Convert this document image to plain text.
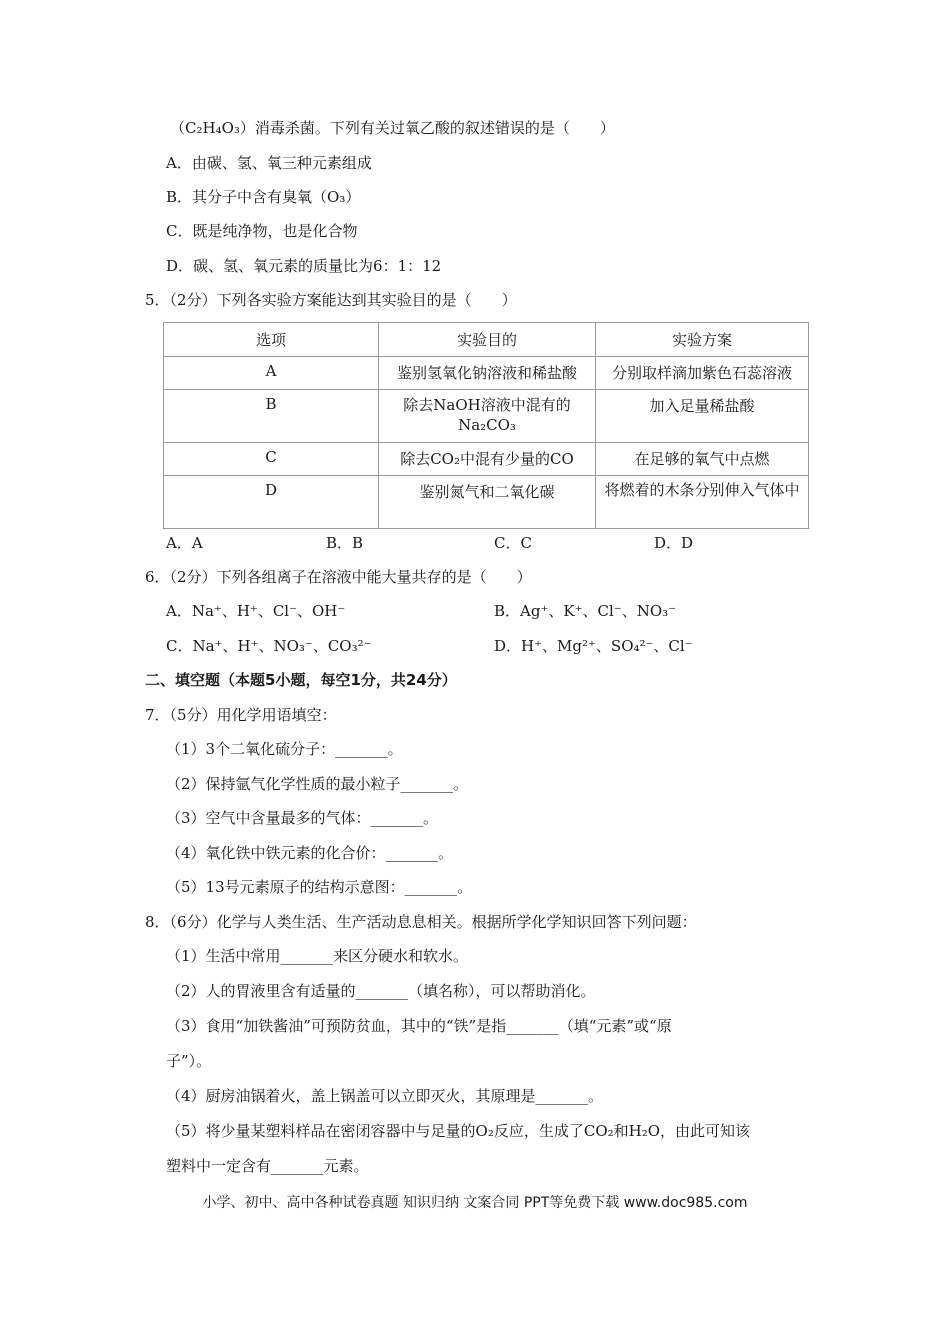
（C₂H₄O₃）消毒杀菌。下列有关过氧乙酸的叙述错误的是（　　）
A．由碳、氢、氧三种元素组成
B．其分子中含有臭氧（O₃）
C．既是纯净物，也是化合物
D．碳、氢、氧元素的质量比为6：1：12
5．（2分）下列各实验方案能达到其实验目的是（　　）
选项	实验目的	实验方案
A	鉴别氢氧化钠溶液和稀盐酸	分别取样滴加紫色石蕊溶液
B	除去NaOH溶液中混有的Na₂CO₃	加入足量稀盐酸
C	除去CO₂中混有少量的CO	在足够的氧气中点燃
D	鉴别氮气和二氧化碳	将燃着的木条分别伸入气体中
A．A	B．B	C．C	D．D
6．（2分）下列各组离子在溶液中能大量共存的是（　　）
A．Na⁺、H⁺、Cl⁻、OH⁻	B．Ag⁺、K⁺、Cl⁻、NO₃⁻
C．Na⁺、H⁺、NO₃⁻、CO₃²⁻	D．H⁺、Mg²⁺、SO₄²⁻、Cl⁻
二、填空题（本题5小题，每空1分，共24分）
7．（5分）用化学用语填空：
（1）3个二氧化硫分子：_______。
（2）保持氩气化学性质的最小粒子_______。
（3）空气中含量最多的气体：_______。
（4）氧化铁中铁元素的化合价：_______。
（5）13号元素原子的结构示意图：_______。
8．（6分）化学与人类生活、生产活动息息相关。根据所学化学知识回答下列问题：
（1）生活中常用_______来区分硬水和软水。
（2）人的胃液里含有适量的_______（填名称），可以帮助消化。
（3）食用“加铁酱油”可预防贫血，其中的“铁”是指_______（填“元素”或“原
子”）。
（4）厨房油锅着火，盖上锅盖可以立即灭火，其原理是_______。
（5）将少量某塑料样品在密闭容器中与足量的O₂反应，生成了CO₂和H₂O，由此可知该
塑料中一定含有_______元素。
小学、初中、高中各种试卷真题 知识归纳 文案合同 PPT等免费下载 www.doc985.com
